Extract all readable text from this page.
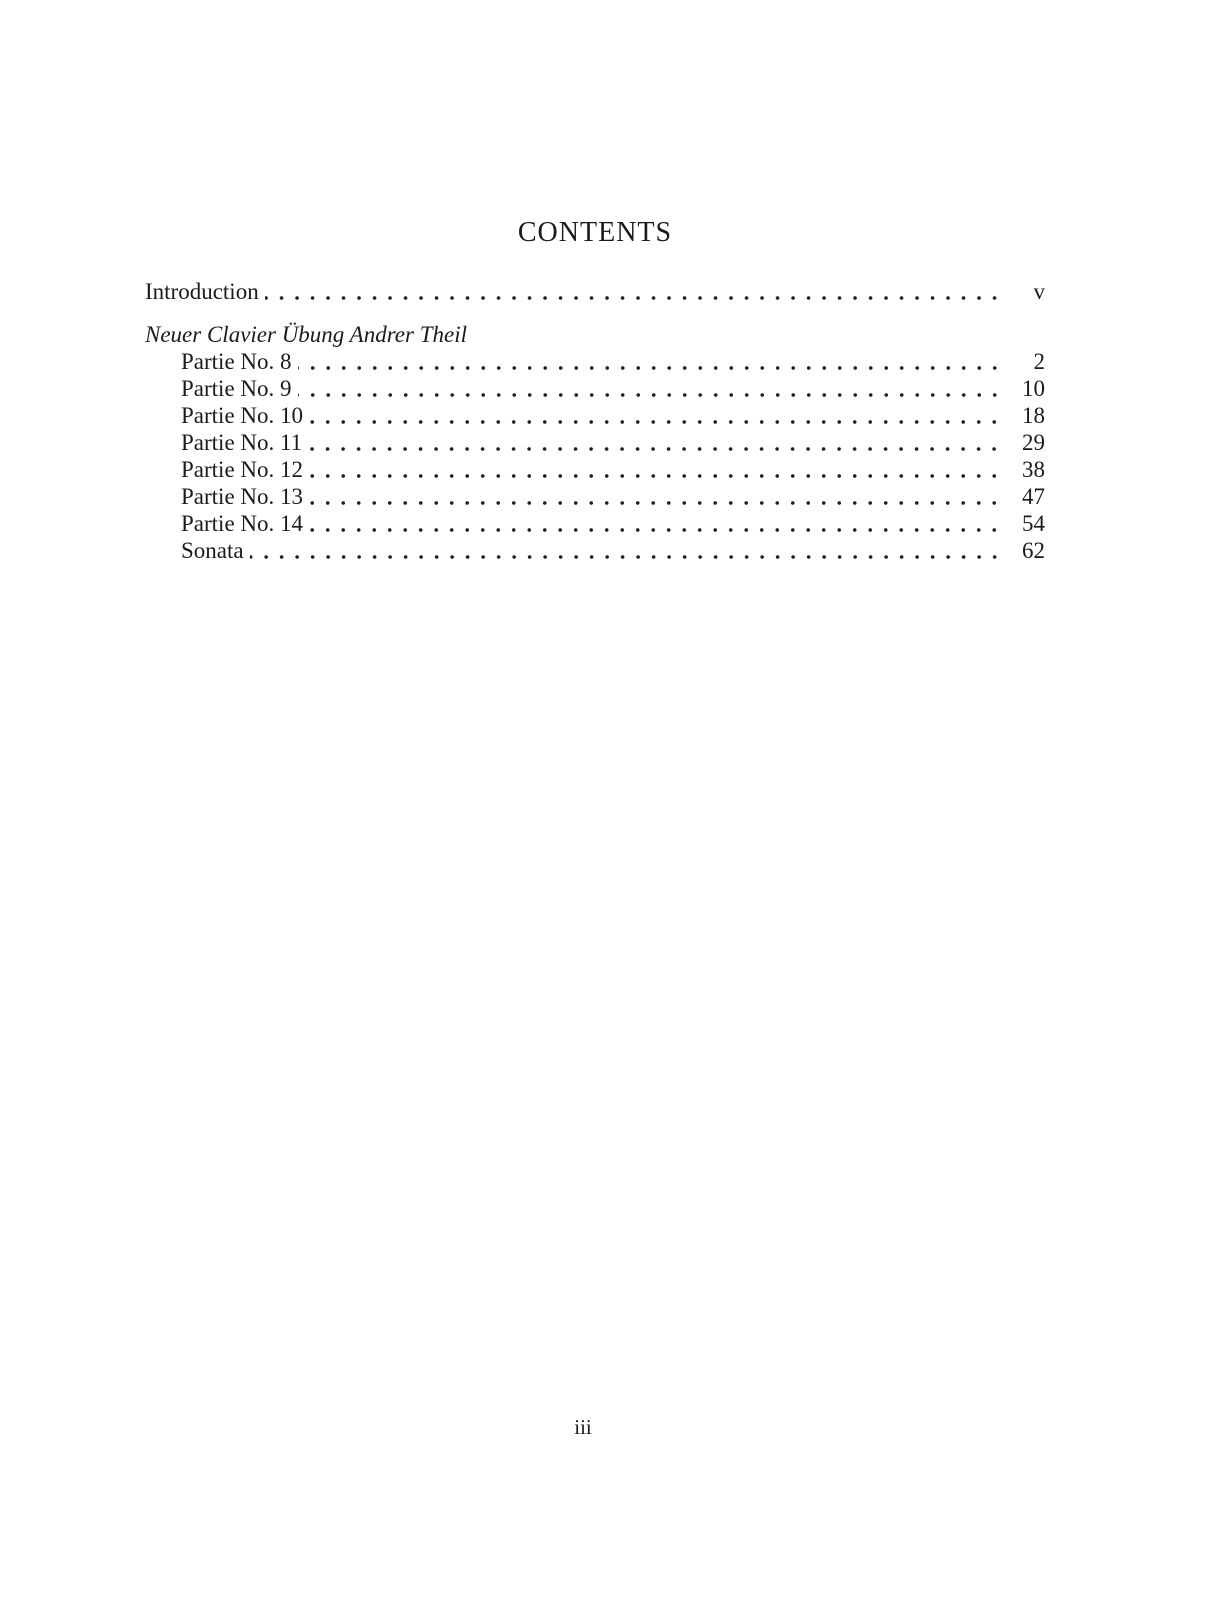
CONTENTS
Introduction	v
Neuer Clavier Übung Andrer Theil
Partie No. 8	2
Partie No. 9	10
Partie No. 10	18
Partie No. 11	29
Partie No. 12	38
Partie No. 13	47
Partie No. 14	54
Sonata	62
iii
